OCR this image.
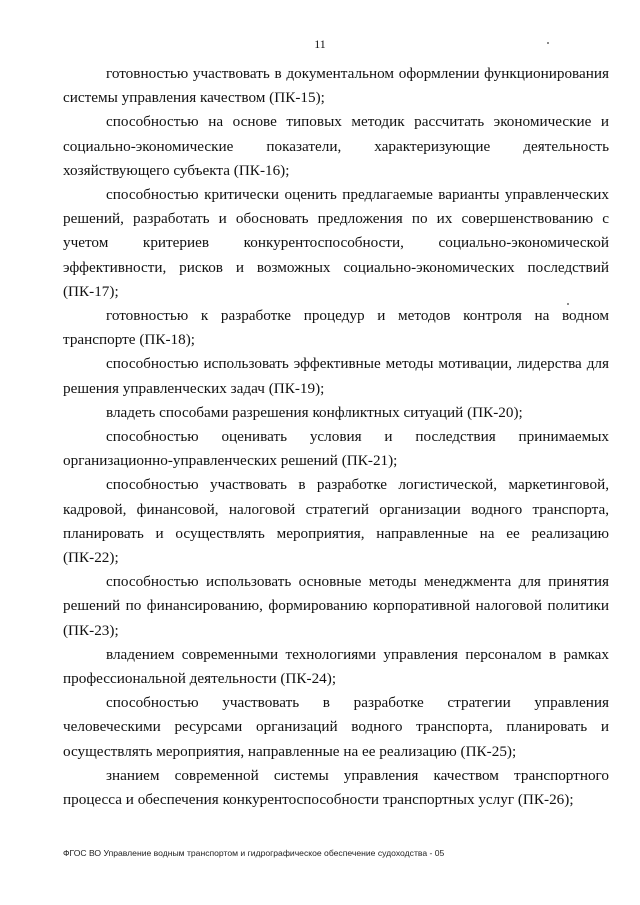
11

готовностью участвовать в документальном оформлении функционирования системы управления качеством (ПК-15);

способностью на основе типовых методик рассчитать экономические и социально-экономические показатели, характеризующие деятельность хозяйствующего субъекта (ПК-16);

способностью критически оценить предлагаемые варианты управленческих решений, разработать и обосновать предложения по их совершенствованию с учетом критериев конкурентоспособности, социально-экономической эффективности, рисков и возможных социально-экономических последствий (ПК-17);

готовностью к разработке процедур и методов контроля на водном транспорте (ПК-18);

способностью использовать эффективные методы мотивации, лидерства для решения управленческих задач (ПК-19);

владеть способами разрешения конфликтных ситуаций (ПК-20);

способностью оценивать условия и последствия принимаемых организационно-управленческих решений (ПК-21);

способностью участвовать в разработке логистической, маркетинговой, кадровой, финансовой, налоговой стратегий организации водного транспорта, планировать и осуществлять мероприятия, направленные на ее реализацию (ПК-22);

способностью использовать основные методы менеджмента для принятия решений по финансированию, формированию корпоративной налоговой политики (ПК-23);

владением современными технологиями управления персоналом в рамках профессиональной деятельности (ПК-24);

способностью участвовать в разработке стратегии управления человеческими ресурсами организаций водного транспорта, планировать и осуществлять мероприятия, направленные на ее реализацию (ПК-25);

знанием современной системы управления качеством транспортного процесса и обеспечения конкурентоспособности транспортных услуг (ПК-26);

ФГОС ВО Управление водным транспортом и гидрографическое обеспечение судоходства - 05
